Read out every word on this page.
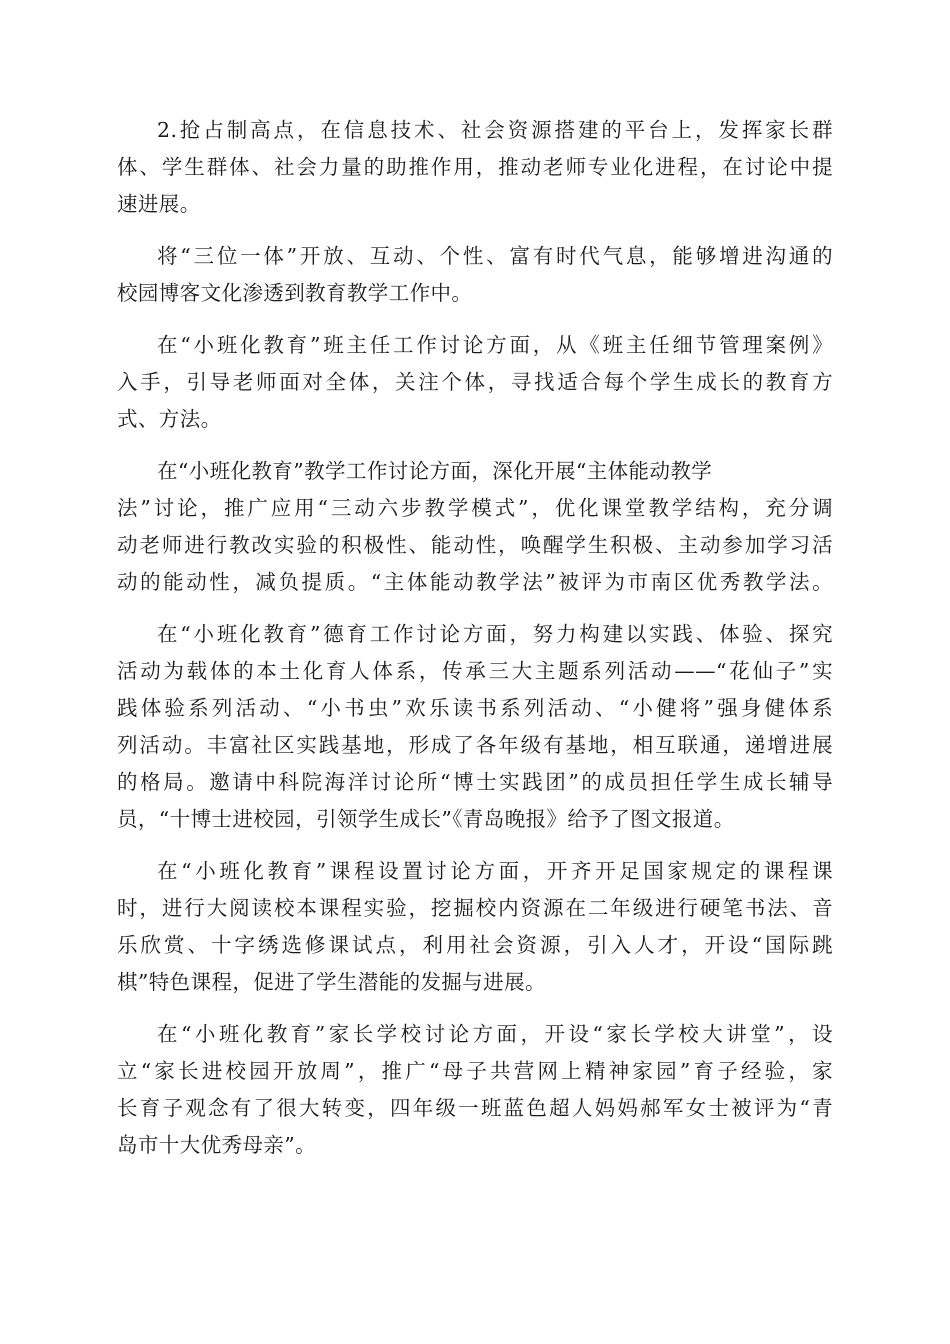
2.抢占制高点，在信息技术、社会资源搭建的平台上，发挥家长群
体、学生群体、社会力量的助推作用，推动老师专业化进程，在讨论中提
速进展。
将“三位一体”开放、互动、个性、富有时代气息，能够增进沟通的
校园博客文化渗透到教育教学工作中。
在“小班化教育”班主任工作讨论方面，从《班主任细节管理案例》
入手，引导老师面对全体，关注个体，寻找适合每个学生成长的教育方
式、方法。
在“小班化教育”教学工作讨论方面，深化开展“主体能动教学
法”讨论，推广应用“三动六步教学模式”，优化课堂教学结构，充分调
动老师进行教改实验的积极性、能动性，唤醒学生积极、主动参加学习活
动的能动性，减负提质。“主体能动教学法”被评为市南区优秀教学法。
在“小班化教育”德育工作讨论方面，努力构建以实践、体验、探究
活动为载体的本土化育人体系，传承三大主题系列活动——“花仙子”实
践体验系列活动、“小书虫”欢乐读书系列活动、“小健将”强身健体系
列活动。丰富社区实践基地，形成了各年级有基地，相互联通，递增进展
的格局。邀请中科院海洋讨论所“博士实践团”的成员担任学生成长辅导
员，“十博士进校园，引领学生成长”《青岛晚报》给予了图文报道。
在“小班化教育”课程设置讨论方面，开齐开足国家规定的课程课
时，进行大阅读校本课程实验，挖掘校内资源在二年级进行硬笔书法、音
乐欣赏、十字绣选修课试点，利用社会资源，引入人才，开设“国际跳
棋”特色课程，促进了学生潜能的发掘与进展。
在“小班化教育”家长学校讨论方面，开设“家长学校大讲堂”，设
立“家长进校园开放周”，推广“母子共营网上精神家园”育子经验，家
长育子观念有了很大转变，四年级一班蓝色超人妈妈郝军女士被评为“青
岛市十大优秀母亲”。
